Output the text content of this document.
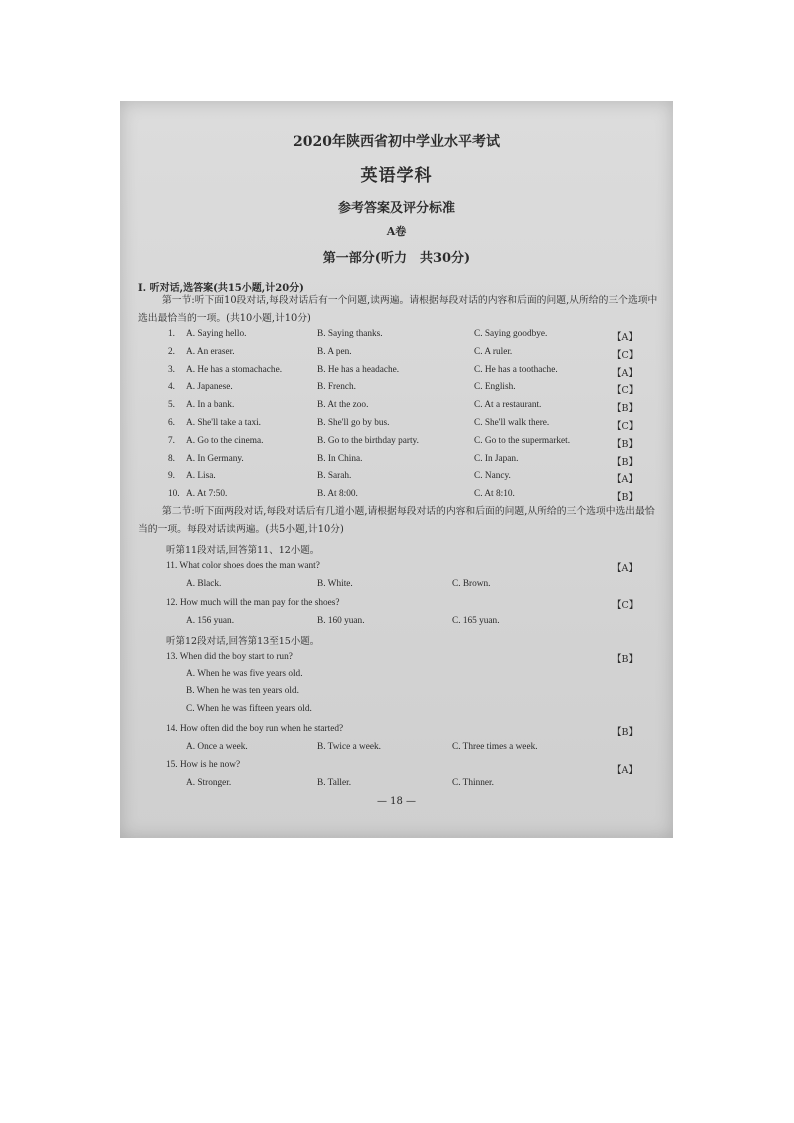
2020年陕西省初中学业水平考试
英语学科
参考答案及评分标准
A卷
第一部分(听力　共30分)
Ⅰ. 听对话,选答案(共15小题,计20分)
第一节:听下面10段对话,每段对话后有一个问题,读两遍。请根据每段对话的内容和后面的问题,从所给的三个选项中选出最恰当的一项。(共10小题,计10分)
1. A. Saying hello.	B. Saying thanks.	C. Saying goodbye.	【A】
2. A. An eraser.	B. A pen.	C. A ruler.	【C】
3. A. He has a stomachache.	B. He has a headache.	C. He has a toothache.	【A】
4. A. Japanese.	B. French.	C. English.	【C】
5. A. In a bank.	B. At the zoo.	C. At a restaurant.	【B】
6. A. She'll take a taxi.	B. She'll go by bus.	C. She'll walk there.	【C】
7. A. Go to the cinema.	B. Go to the birthday party.	C. Go to the supermarket.	【B】
8. A. In Germany.	B. In China.	C. In Japan.	【B】
9. A. Lisa.	B. Sarah.	C. Nancy.	【A】
10. A. At 7:50.	B. At 8:00.	C. At 8:10.	【B】
第二节:听下面两段对话,每段对话后有几道小题,请根据每段对话的内容和后面的问题,从所给的三个选项中选出最恰当的一项。每段对话读两遍。(共5小题,计10分)
听第11段对话,回答第11、12小题。
11. What color shoes does the man want?	【A】
A. Black.	B. White.	C. Brown.
12. How much will the man pay for the shoes?	【C】
A. 156 yuan.	B. 160 yuan.	C. 165 yuan.
听第12段对话,回答第13至15小题。
13. When did the boy start to run?	【B】
A. When he was five years old.
B. When he was ten years old.
C. When he was fifteen years old.
14. How often did the boy run when he started?	【B】
A. Once a week.	B. Twice a week.	C. Three times a week.
15. How is he now?	【A】
A. Stronger.	B. Taller.	C. Thinner.
— 18 —
